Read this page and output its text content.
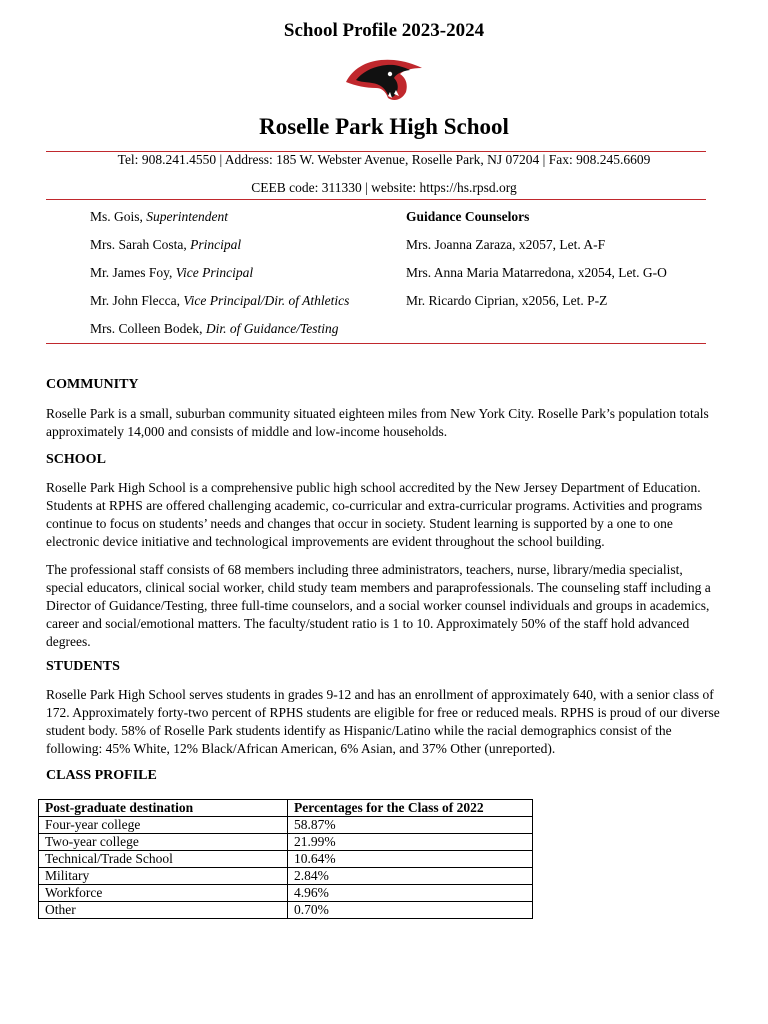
School Profile 2023-2024
Roselle Park High School
Tel: 908.241.4550 | Address: 185 W. Webster Avenue, Roselle Park, NJ 07204 | Fax: 908.245.6609
CEEB code: 311330 | website: https://hs.rpsd.org
Ms. Gois, Superintendent
Mrs. Sarah Costa, Principal
Mr. James Foy, Vice Principal
Mr. John Flecca, Vice Principal/Dir. of Athletics
Mrs. Colleen Bodek, Dir. of Guidance/Testing
Guidance Counselors
Mrs. Joanna Zaraza, x2057, Let. A-F
Mrs. Anna Maria Matarredona, x2054, Let. G-O
Mr. Ricardo Ciprian, x2056, Let. P-Z
COMMUNITY
Roselle Park is a small, suburban community situated eighteen miles from New York City. Roselle Park’s population totals approximately 14,000 and consists of middle and low-income households.
SCHOOL
Roselle Park High School is a comprehensive public high school accredited by the New Jersey Department of Education. Students at RPHS are offered challenging academic, co-curricular and extra-curricular programs. Activities and programs continue to focus on students’ needs and changes that occur in society. Student learning is supported by a one to one electronic device initiative and technological improvements are evident throughout the school building.
The professional staff consists of 68 members including three administrators, teachers, nurse, library/media specialist, special educators, clinical social worker, child study team members and paraprofessionals. The counseling staff including a Director of Guidance/Testing, three full-time counselors, and a social worker counsel individuals and groups in academics, career and social/emotional matters. The faculty/student ratio is 1 to 10. Approximately 50% of the staff hold advanced degrees.
STUDENTS
Roselle Park High School serves students in grades 9-12 and has an enrollment of approximately 640, with a senior class of 172. Approximately forty-two percent of RPHS students are eligible for free or reduced meals. RPHS is proud of our diverse student body. 58% of Roselle Park students identify as Hispanic/Latino while the racial demographics consist of the following: 45% White, 12% Black/African American, 6% Asian, and 37% Other (unreported).
CLASS PROFILE
Post-graduate destination	Percentages for the Class of 2022
Four-year college	58.87%
Two-year college	21.99%
Technical/Trade School	10.64%
Military	2.84%
Workforce	4.96%
Other	0.70%
